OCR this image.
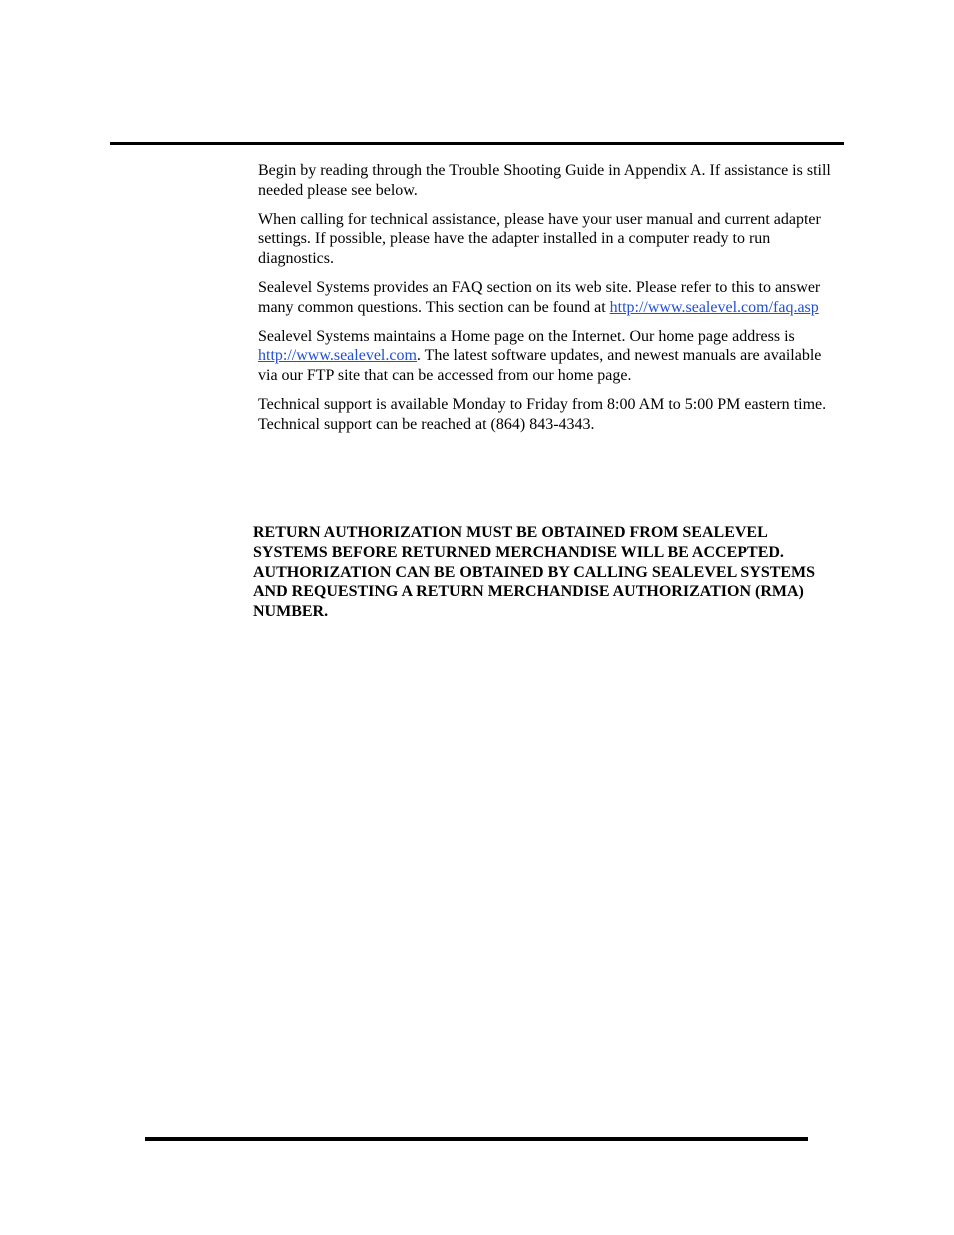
Begin by reading through the Trouble Shooting Guide in Appendix A. If assistance is still needed please see below.

When calling for technical assistance, please have your user manual and current adapter settings. If possible, please have the adapter installed in a computer ready to run diagnostics.

Sealevel Systems provides an FAQ section on its web site. Please refer to this to answer many common questions. This section can be found at http://www.sealevel.com/faq.asp

Sealevel Systems maintains a Home page on the Internet. Our home page address is http://www.sealevel.com. The latest software updates, and newest manuals are available via our FTP site that can be accessed from our home page.

Technical support is available Monday to Friday from 8:00 AM to 5:00 PM eastern time. Technical support can be reached at (864) 843-4343.

RETURN AUTHORIZATION MUST BE OBTAINED FROM SEALEVEL SYSTEMS BEFORE RETURNED MERCHANDISE WILL BE ACCEPTED. AUTHORIZATION CAN BE OBTAINED BY CALLING SEALEVEL SYSTEMS AND REQUESTING A RETURN MERCHANDISE AUTHORIZATION (RMA) NUMBER.
